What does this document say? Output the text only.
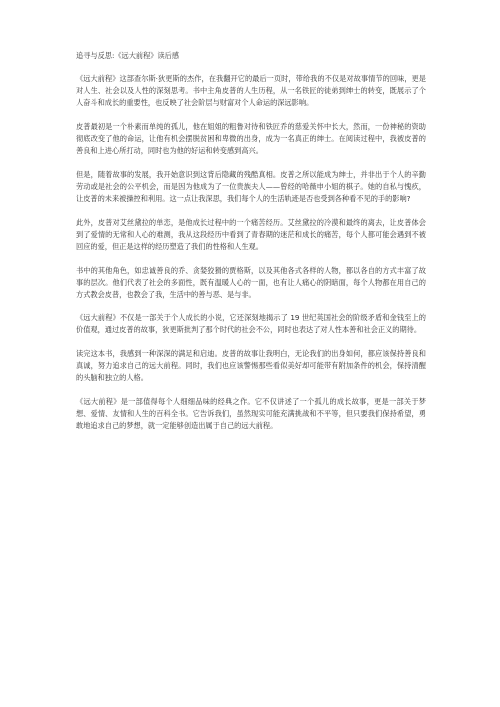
追寻与反思:《远大前程》读后感

《远大前程》这部查尔斯·狄更斯的杰作，在我翻开它的最后一页时，带给我的不仅是对故事情节的回味，更是对人生、社会以及人性的深刻思考。书中主角皮普的人生历程，从一名铁匠的徒弟到绅士的转变，既展示了个人奋斗和成长的重要性，也反映了社会阶层与财富对个人命运的深远影响。

皮普最初是一个朴素而单纯的孤儿，他在姐姐的粗鲁对待和铁匠乔的慈爱关怀中长大，然而，一份神秘的资助彻底改变了他的命运，让他有机会摆脱贫困和卑微的出身，成为一名真正的绅士。在阅读过程中，我被皮普的善良和上进心所打动，同时也为他的好运和转变感到高兴。

但是，随着故事的发展，我开始意识到这背后隐藏的残酷真相。皮普之所以能成为绅士，并非出于个人的辛勤劳动或是社会的公平机会，而是因为他成为了一位贵族夫人——曾经的哈薇申小姐的棋子。她的自私与愧疚，让皮普的未来被操控和利用。这一点让我深思，我们每个人的生活轨迹是否也受到各种看不见的手的影响?

此外，皮普对艾丝黛拉的单恋，是他成长过程中的一个痛苦经历。艾丝黛拉的冷漠和最终的离去，让皮普体会到了爱情的无常和人心的难测，我从这段经历中看到了青春期的迷茫和成长的痛苦，每个人都可能会遇到不被回应的爱，但正是这样的经历塑造了我们的性格和人生观。

书中的其他角色，如忠诚善良的乔、贪婪狡猾的贾格斯，以及其他各式各样的人物，都以各自的方式丰富了故事的层次。他们代表了社会的多面性，既有温暖人心的一面，也有让人痛心的阴暗面，每个人物都在用自己的方式教会皮普，也教会了我，生活中的善与恶、是与非。

《远大前程》不仅是一部关于个人成长的小说，它还深刻地揭示了 19 世纪英国社会的阶级矛盾和金钱至上的价值观，通过皮普的故事，狄更斯批判了那个时代的社会不公，同时也表达了对人性本善和社会正义的期待。

读完这本书，我感到一种深深的满足和启迪。皮普的故事让我明白，无论我们的出身如何，都应该保持善良和真诚，努力追求自己的远大前程。同时，我们也应该警惕那些看似美好却可能带有附加条件的机会，保持清醒的头脑和独立的人格。

《远大前程》是一部值得每个人细细品味的经典之作。它不仅讲述了一个孤儿的成长故事，更是一部关于梦想、爱情、友情和人生的百科全书。它告诉我们，虽然现实可能充满挑战和不平等，但只要我们保持希望，勇敢地追求自己的梦想，就一定能够创造出属于自己的远大前程。
